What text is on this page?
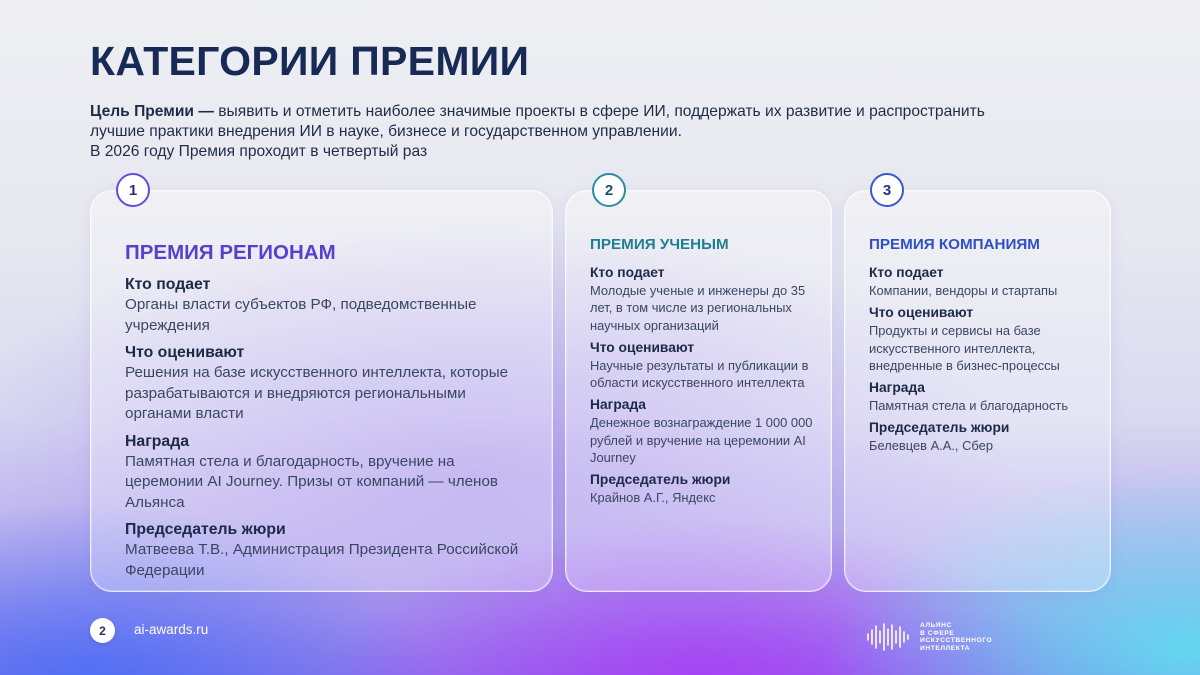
КАТЕГОРИИ ПРЕМИИ
Цель Премии — выявить и отметить наиболее значимые проекты в сфере ИИ, поддержать их развитие и распространить
лучшие практики внедрения ИИ в науке, бизнесе и государственном управлении.
В 2026 году Премия проходит в четвертый раз
ПРЕМИЯ РЕГИОНАМ

Кто подает

Органы власти субъектов РФ, подведомственные учреждения

Что оценивают

Решения на базе искусственного интеллекта, которые разрабатываются и внедряются региональными органами власти

Награда

Памятная стела и благодарность, вручение на церемонии AI Journey. Призы от компаний — членов Альянса

Председатель жюри

Матвеева Т.В., Администрация Президента Российской Федерации

1
ПРЕМИЯ УЧЕНЫМ

Кто подает

Молодые ученые и инженеры до 35 лет, в том числе из региональных научных организаций

Что оценивают

Научные результаты и публикации в области искусственного интеллекта

Награда

Денежное вознаграждение 1 000 000 рублей и вручение на церемонии AI Journey

Председатель жюри

Крайнов А.Г., Яндекс

2
ПРЕМИЯ КОМПАНИЯМ

Кто подает

Компании, вендоры и стартапы

Что оценивают

Продукты и сервисы на базе искусственного интеллекта, внедренные в бизнес-процессы

Награда

Памятная стела и благодарность

Председатель жюри

Белевцев А.А., Сбер

3
2	ai-awards.ru	АЛЬЯНС
В СФЕРЕ
ИСКУССТВЕННОГО
ИНТЕЛЛЕКТА
